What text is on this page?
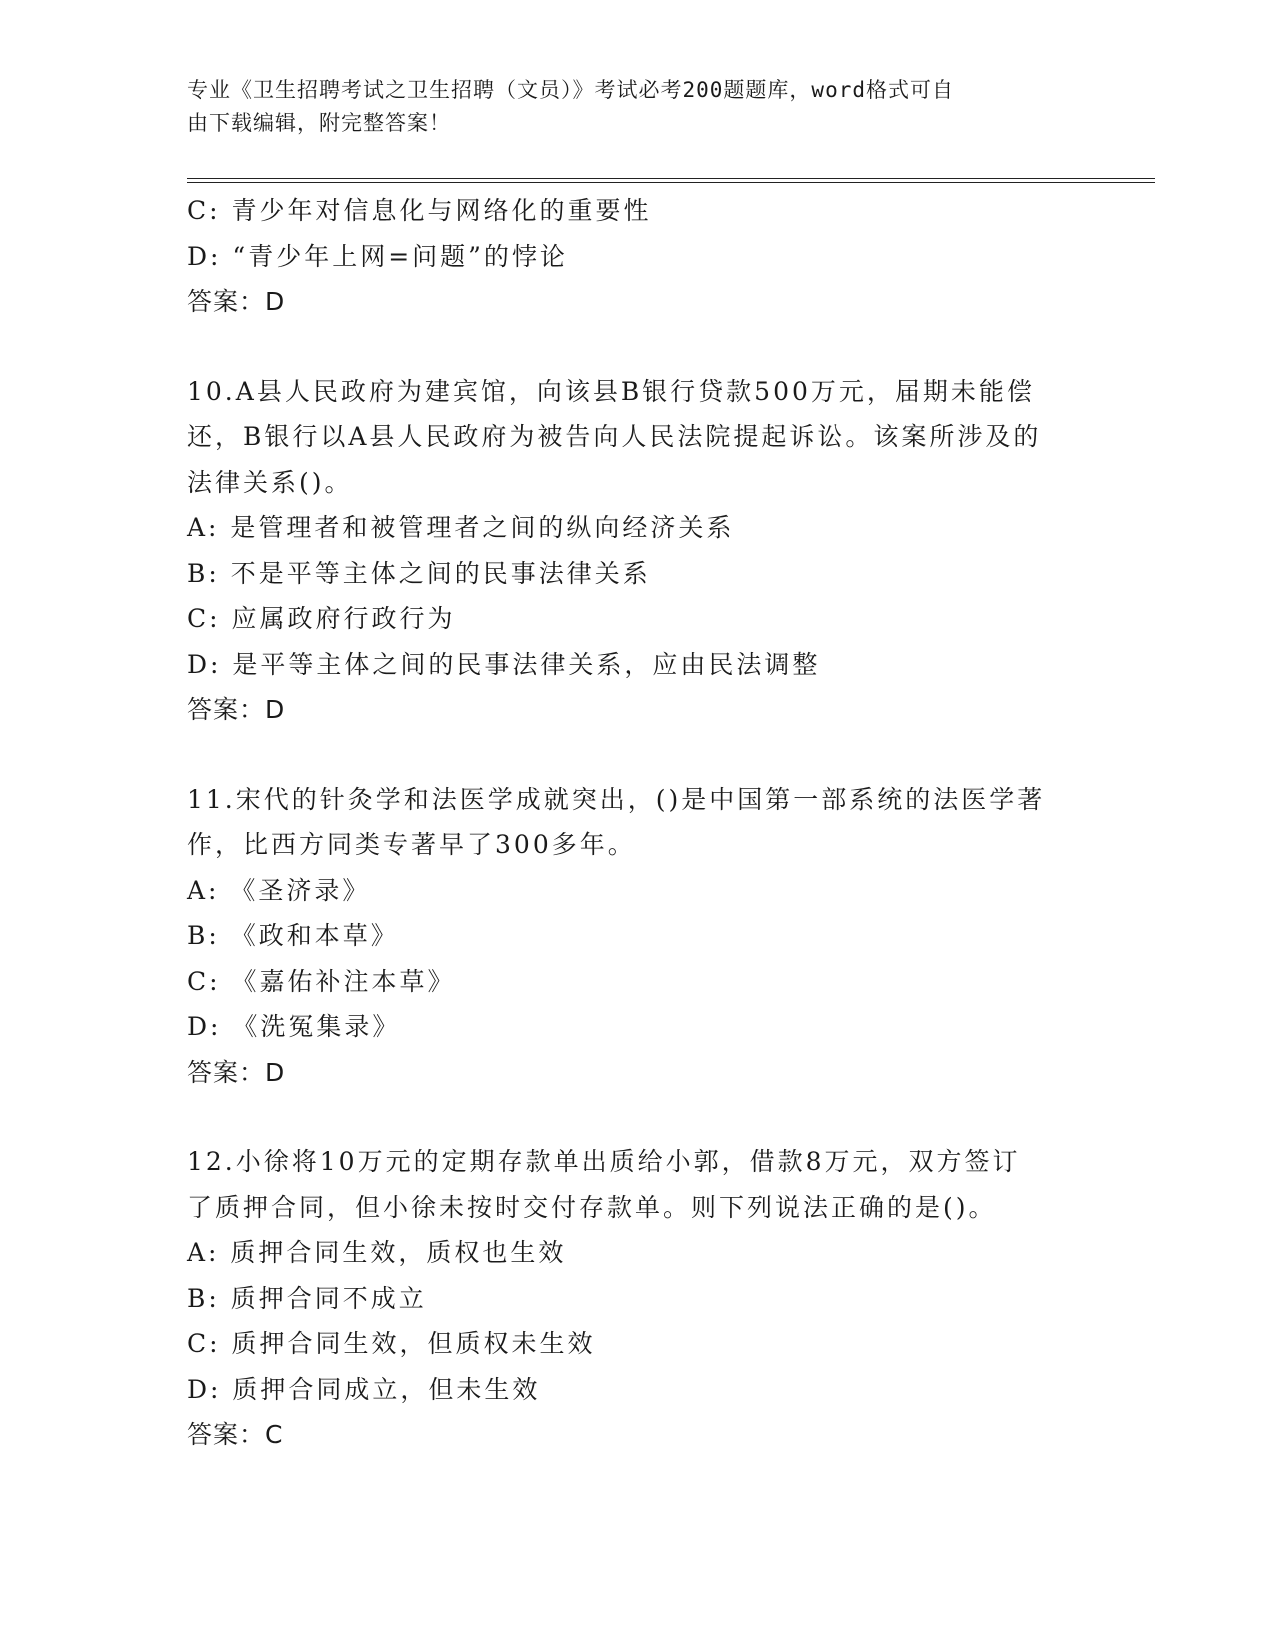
专业《卫生招聘考试之卫生招聘（文员）》考试必考200题题库，word格式可自
由下载编辑，附完整答案！
C: 青少年对信息化与网络化的重要性
D: “青少年上网=问题”的悖论
答案：D
10.A县人民政府为建宾馆，向该县B银行贷款500万元，届期未能偿
还，B银行以A县人民政府为被告向人民法院提起诉讼。该案所涉及的
法律关系()。
A: 是管理者和被管理者之间的纵向经济关系
B: 不是平等主体之间的民事法律关系
C: 应属政府行政行为
D: 是平等主体之间的民事法律关系，应由民法调整
答案：D
11.宋代的针灸学和法医学成就突出，()是中国第一部系统的法医学著
作，比西方同类专著早了300多年。
A: 《圣济录》
B: 《政和本草》
C: 《嘉佑补注本草》
D: 《洗冤集录》
答案：D
12.小徐将10万元的定期存款单出质给小郭，借款8万元，双方签订
了质押合同，但小徐未按时交付存款单。则下列说法正确的是()。
A: 质押合同生效，质权也生效
B: 质押合同不成立
C: 质押合同生效，但质权未生效
D: 质押合同成立，但未生效
答案：C
